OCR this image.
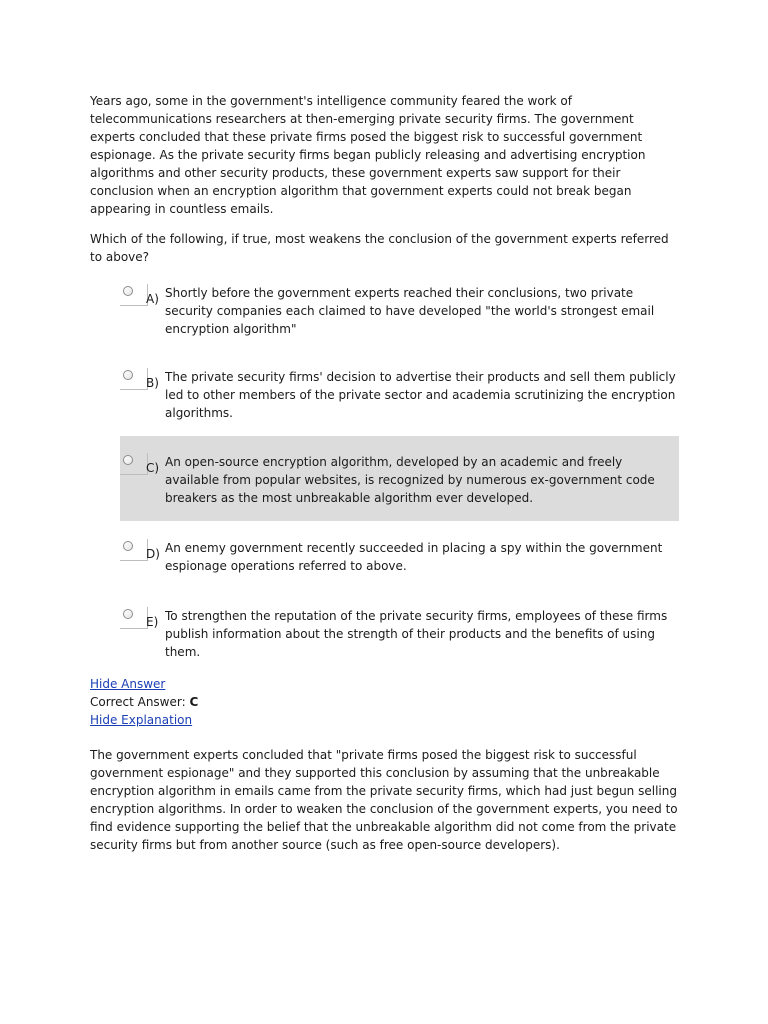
Years ago, some in the government's intelligence community feared the work of telecommunications researchers at then-emerging private security firms. The government experts concluded that these private firms posed the biggest risk to successful government espionage. As the private security firms began publicly releasing and advertising encryption algorithms and other security products, these government experts saw support for their conclusion when an encryption algorithm that government experts could not break began appearing in countless emails.

Which of the following, if true, most weakens the conclusion of the government experts referred to above?

A) Shortly before the government experts reached their conclusions, two private security companies each claimed to have developed "the world's strongest email encryption algorithm"

B) The private security firms' decision to advertise their products and sell them publicly led to other members of the private sector and academia scrutinizing the encryption algorithms.

C) An open-source encryption algorithm, developed by an academic and freely available from popular websites, is recognized by numerous ex-government code breakers as the most unbreakable algorithm ever developed.

D) An enemy government recently succeeded in placing a spy within the government espionage operations referred to above.

E) To strengthen the reputation of the private security firms, employees of these firms publish information about the strength of their products and the benefits of using them.

Hide Answer
Correct Answer: C
Hide Explanation

The government experts concluded that "private firms posed the biggest risk to successful government espionage" and they supported this conclusion by assuming that the unbreakable encryption algorithm in emails came from the private security firms, which had just begun selling encryption algorithms. In order to weaken the conclusion of the government experts, you need to find evidence supporting the belief that the unbreakable algorithm did not come from the private security firms but from another source (such as free open-source developers).
